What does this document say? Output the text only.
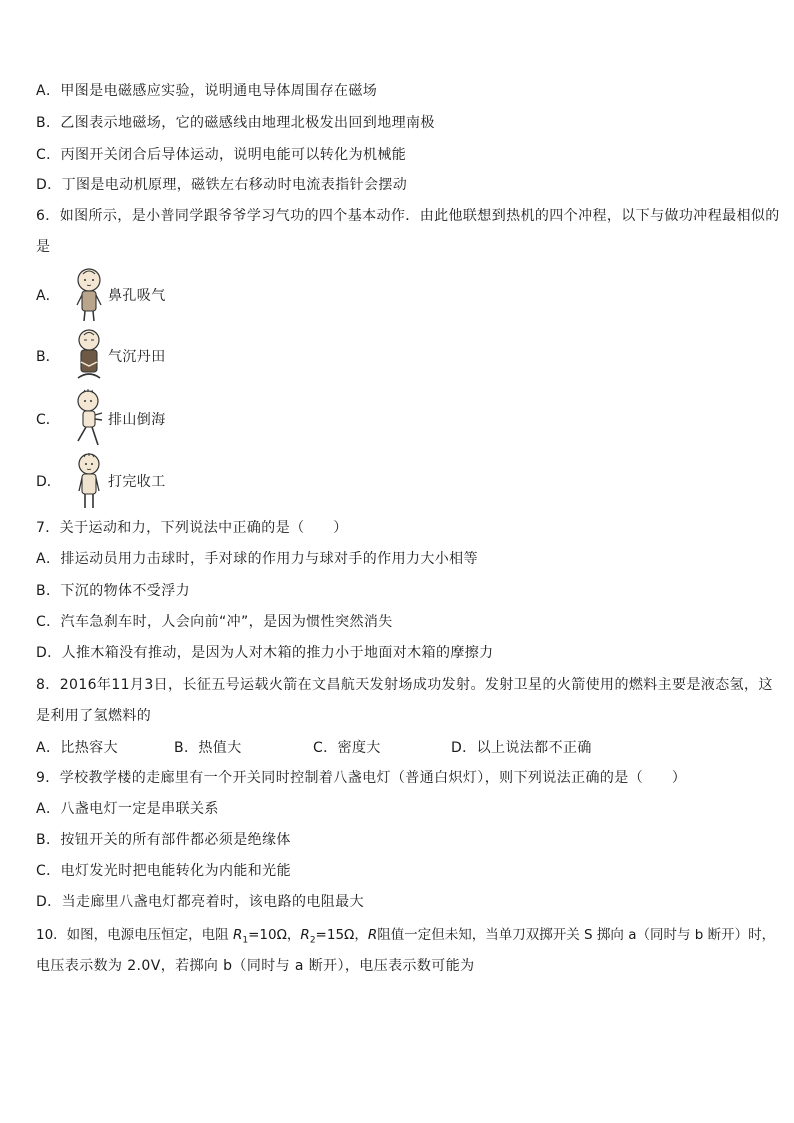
A．甲图是电磁感应实验，说明通电导体周围存在磁场
B．乙图表示地磁场，它的磁感线由地理北极发出回到地理南极
C．丙图开关闭合后导体运动，说明电能可以转化为机械能
D．丁图是电动机原理，磁铁左右移动时电流表指针会摆动
6．如图所示，是小普同学跟爷爷学习气功的四个基本动作．由此他联想到热机的四个冲程，以下与做功冲程最相似的
是
A．	鼻孔吸气
B．	气沉丹田
C．	排山倒海
D．	打完收工
7．关于运动和力，下列说法中正确的是（　　）
A．排运动员用力击球时，手对球的作用力与球对手的作用力大小相等
B．下沉的物体不受浮力
C．汽车急刹车时，人会向前“冲”，是因为惯性突然消失
D．人推木箱没有推动，是因为人对木箱的推力小于地面对木箱的摩擦力
8．2016年11月3日，长征五号运载火箭在文昌航天发射场成功发射。发射卫星的火箭使用的燃料主要是液态氢，这
是利用了氢燃料的
A．比热容大	B．热值大	C．密度大	D．以上说法都不正确
9．学校教学楼的走廊里有一个开关同时控制着八盏电灯（普通白炽灯），则下列说法正确的是（　　）
A．八盏电灯一定是串联关系
B．按钮开关的所有部件都必须是绝缘体
C．电灯发光时把电能转化为内能和光能
D．当走廊里八盏电灯都亮着时，该电路的电阻最大
10．如图，电源电压恒定，电阻 $R_1=10\Omega$，$R_2=15\Omega$，R阻值一定但未知，当单刀双掷开关 S 掷向 a（同时与 b 断开）时，
电压表示数为 2.0V，若掷向 b（同时与 a 断开），电压表示数可能为
